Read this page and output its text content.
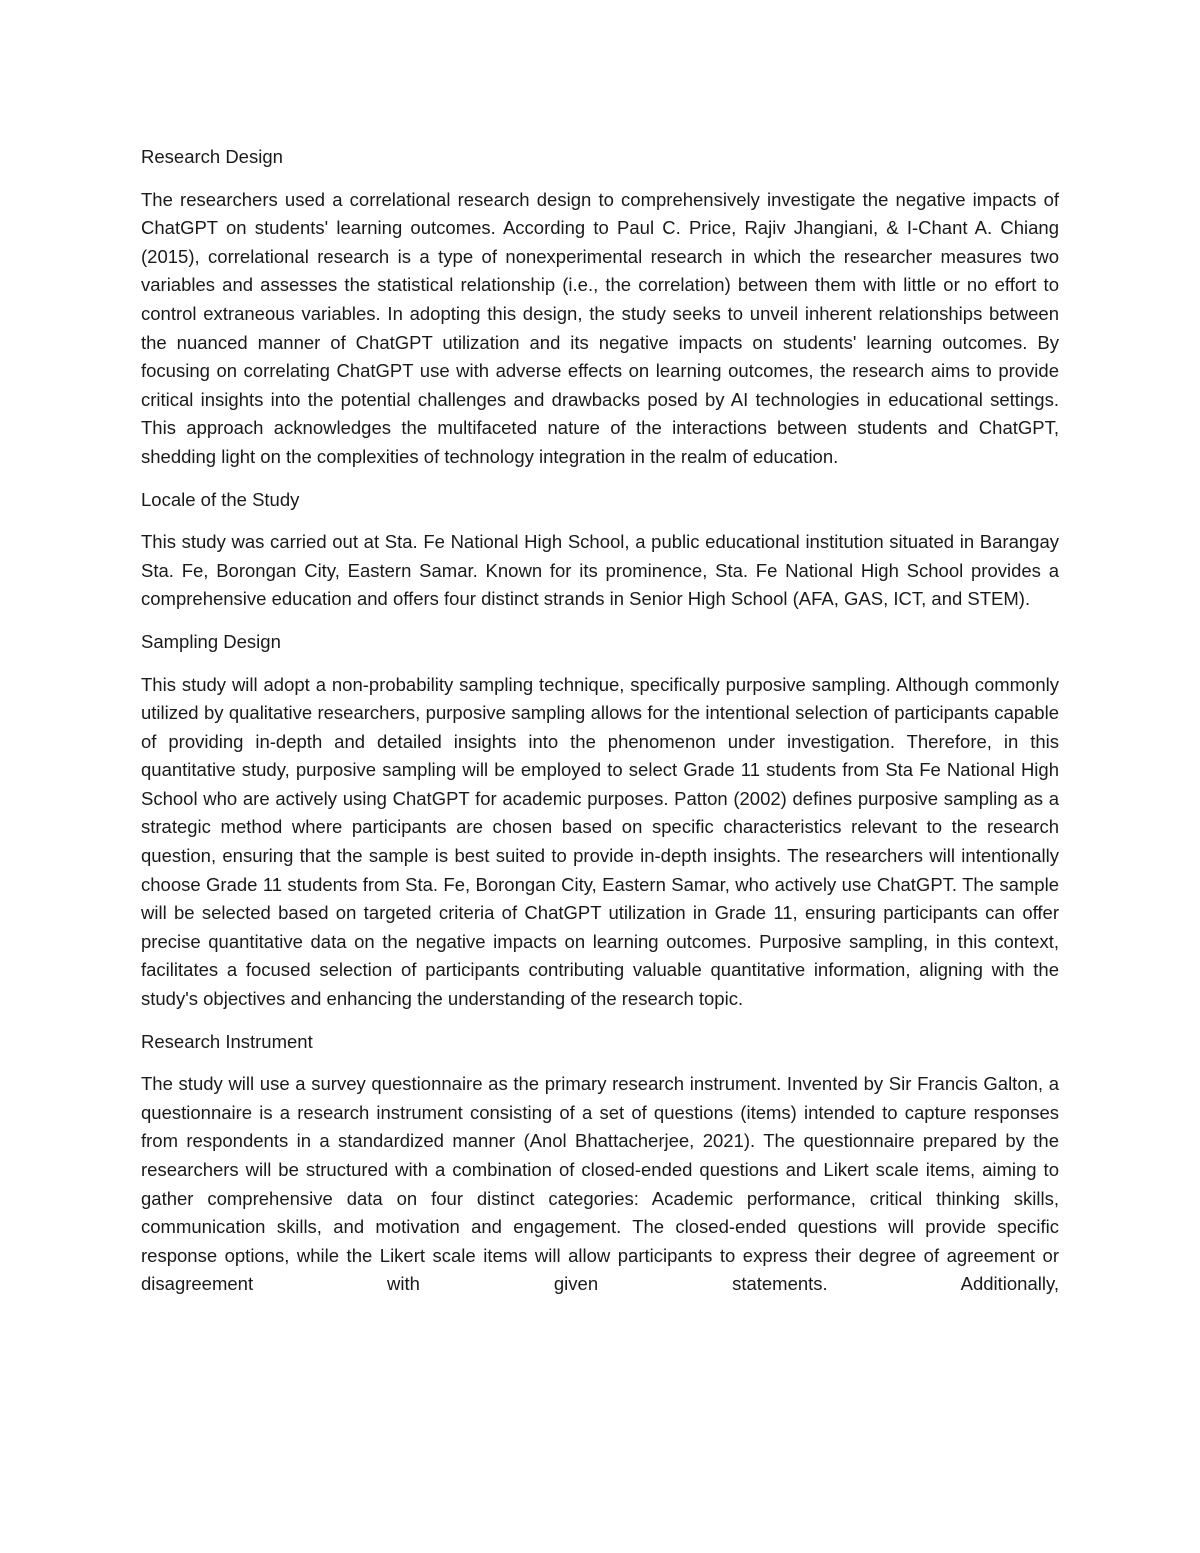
Research Design

The researchers used a correlational research design to comprehensively investigate the negative impacts of ChatGPT on students' learning outcomes. According to Paul C. Price, Rajiv Jhangiani, & I-Chant A. Chiang (2015), correlational research is a type of nonexperimental research in which the researcher measures two variables and assesses the statistical relationship (i.e., the correlation) between them with little or no effort to control extraneous variables. In adopting this design, the study seeks to unveil inherent relationships between the nuanced manner of ChatGPT utilization and its negative impacts on students' learning outcomes. By focusing on correlating ChatGPT use with adverse effects on learning outcomes, the research aims to provide critical insights into the potential challenges and drawbacks posed by AI technologies in educational settings. This approach acknowledges the multifaceted nature of the interactions between students and ChatGPT, shedding light on the complexities of technology integration in the realm of education.

Locale of the Study

This study was carried out at Sta. Fe National High School, a public educational institution situated in Barangay Sta. Fe, Borongan City, Eastern Samar. Known for its prominence, Sta. Fe National High School provides a comprehensive education and offers four distinct strands in Senior High School (AFA, GAS, ICT, and STEM).

Sampling Design

This study will adopt a non-probability sampling technique, specifically purposive sampling. Although commonly utilized by qualitative researchers, purposive sampling allows for the intentional selection of participants capable of providing in-depth and detailed insights into the phenomenon under investigation. Therefore, in this quantitative study, purposive sampling will be employed to select Grade 11 students from Sta Fe National High School who are actively using ChatGPT for academic purposes. Patton (2002) defines purposive sampling as a strategic method where participants are chosen based on specific characteristics relevant to the research question, ensuring that the sample is best suited to provide in-depth insights. The researchers will intentionally choose Grade 11 students from Sta. Fe, Borongan City, Eastern Samar, who actively use ChatGPT. The sample will be selected based on targeted criteria of ChatGPT utilization in Grade 11, ensuring participants can offer precise quantitative data on the negative impacts on learning outcomes. Purposive sampling, in this context, facilitates a focused selection of participants contributing valuable quantitative information, aligning with the study's objectives and enhancing the understanding of the research topic.

Research Instrument

The study will use a survey questionnaire as the primary research instrument. Invented by Sir Francis Galton, a questionnaire is a research instrument consisting of a set of questions (items) intended to capture responses from respondents in a standardized manner (Anol Bhattacherjee, 2021). The questionnaire prepared by the researchers will be structured with a combination of closed-ended questions and Likert scale items, aiming to gather comprehensive data on four distinct categories: Academic performance, critical thinking skills, communication skills, and motivation and engagement. The closed-ended questions will provide specific response options, while the Likert scale items will allow participants to express their degree of agreement or disagreement with given statements. Additionally,
